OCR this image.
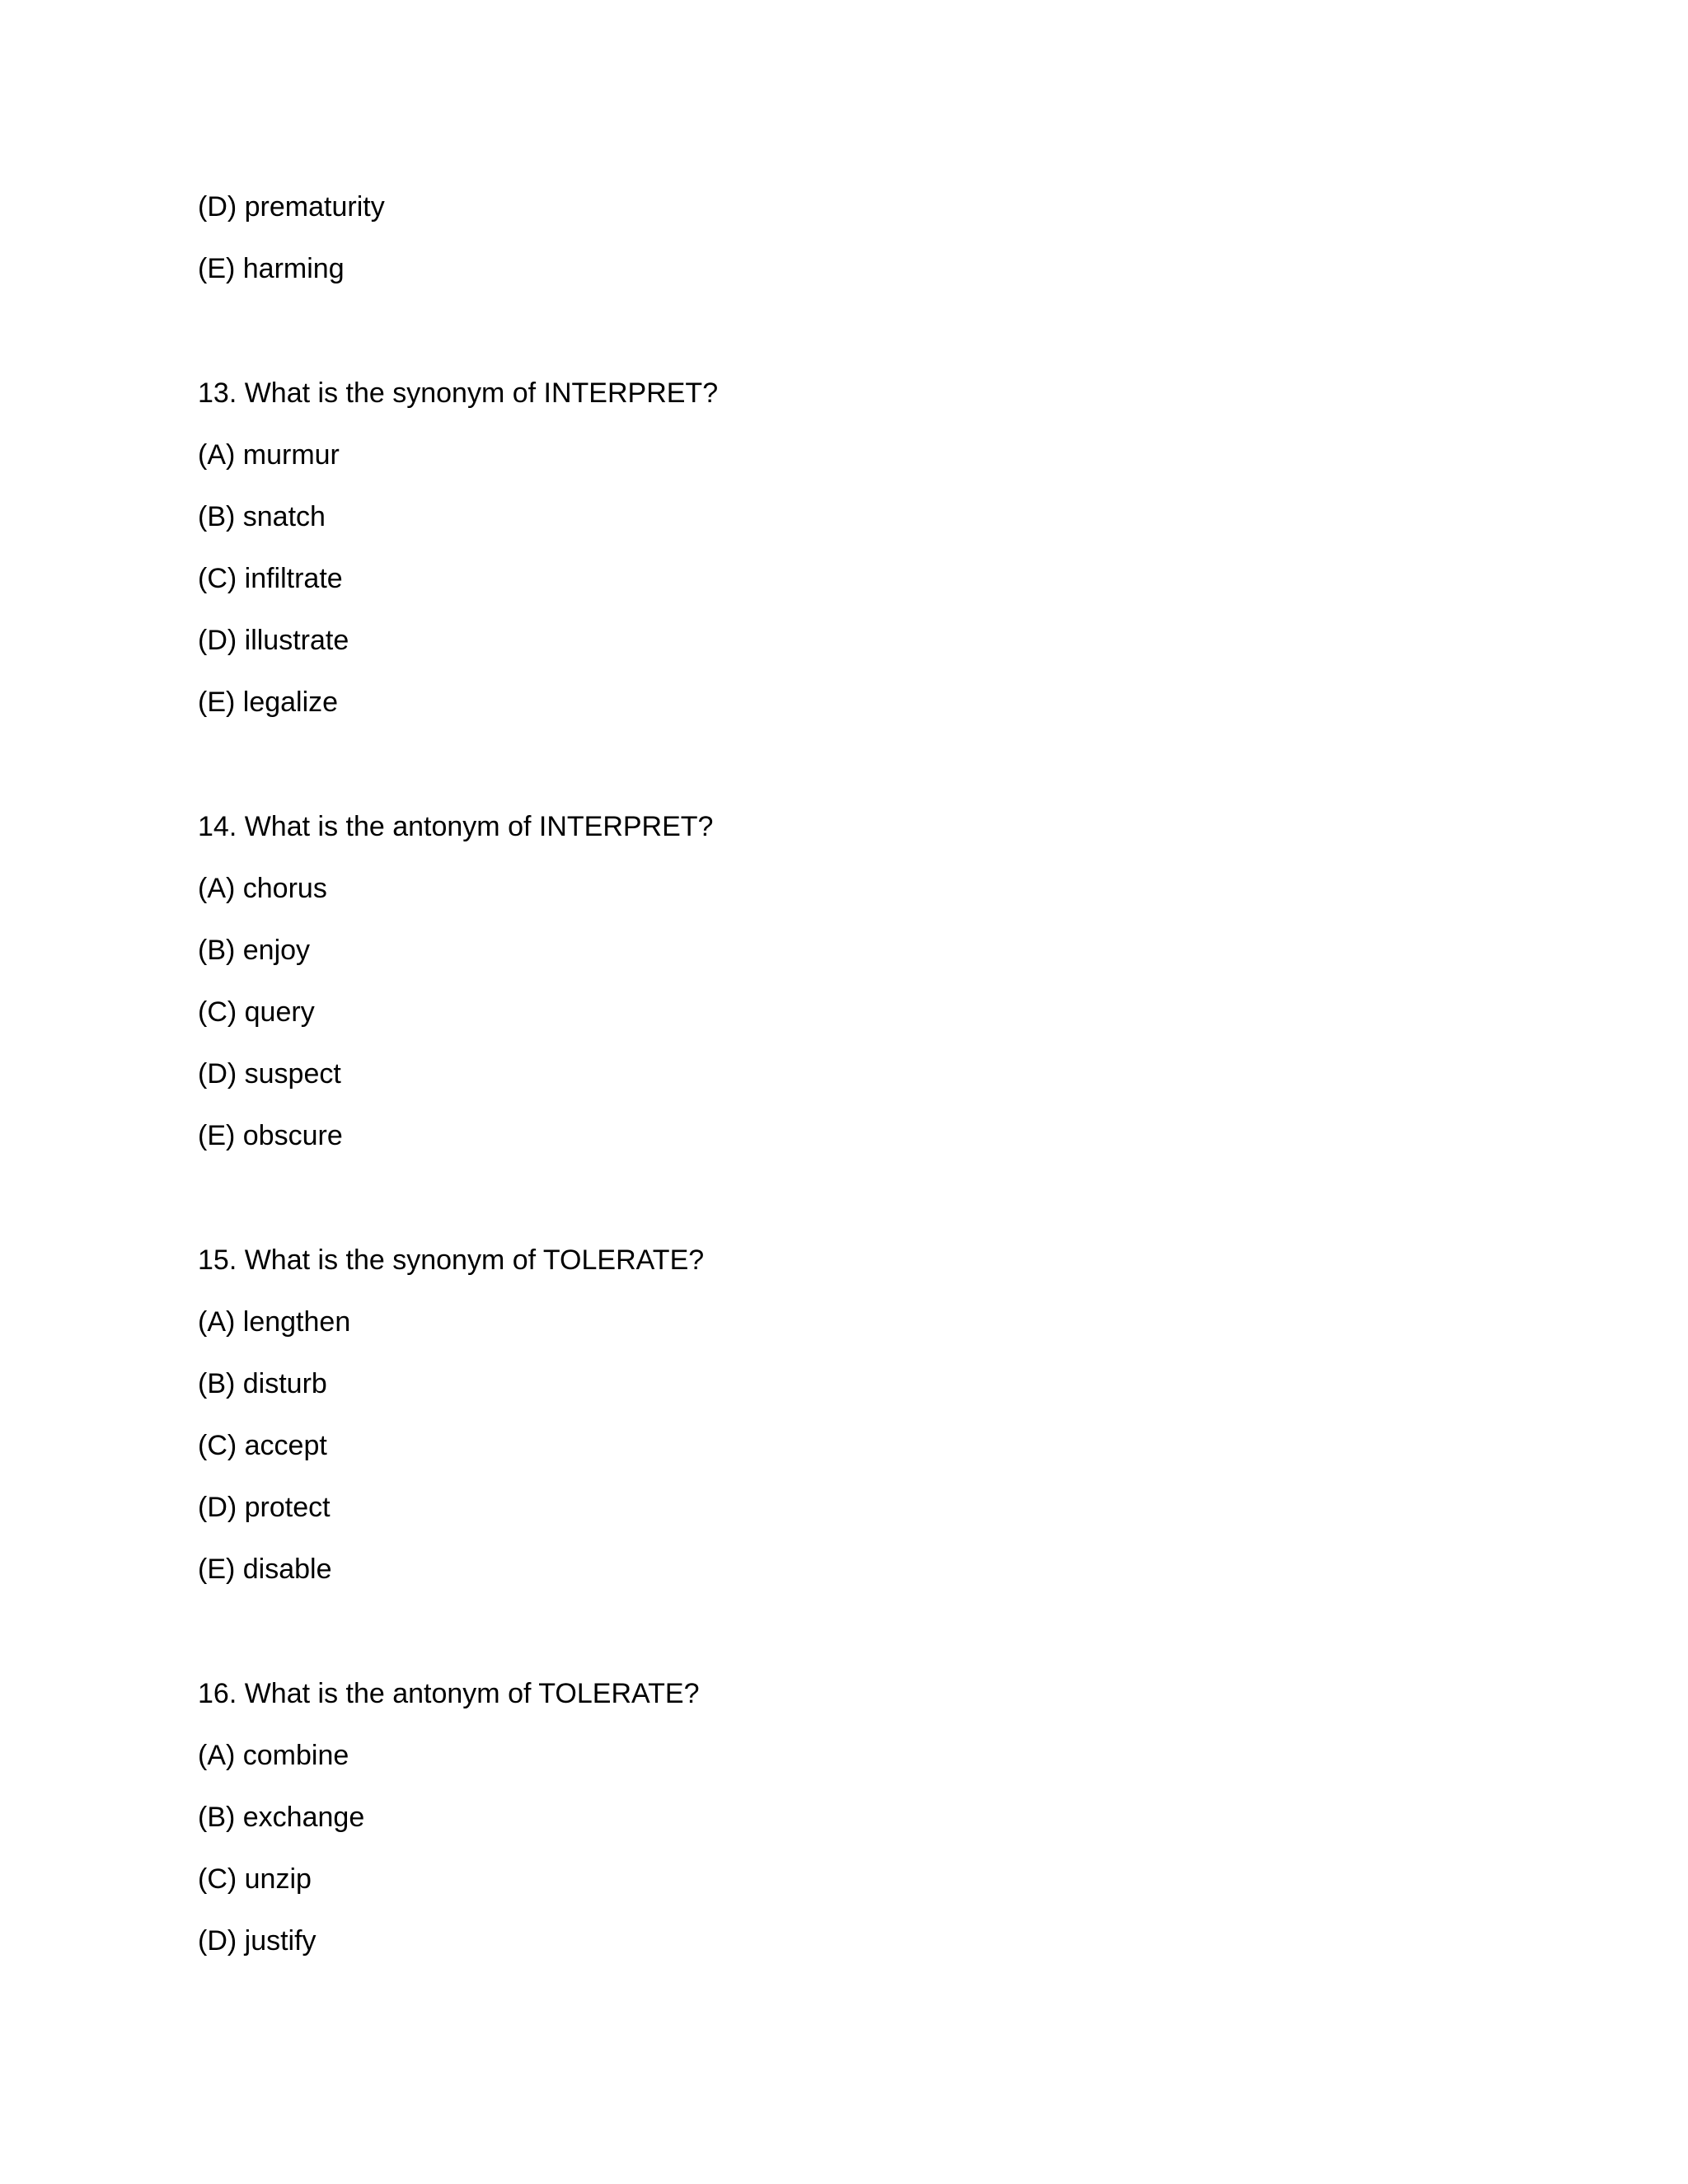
(D) prematurity
(E) harming
13. What is the synonym of INTERPRET?
(A) murmur
(B) snatch
(C) infiltrate
(D) illustrate
(E) legalize
14. What is the antonym of INTERPRET?
(A) chorus
(B) enjoy
(C) query
(D) suspect
(E) obscure
15. What is the synonym of TOLERATE?
(A) lengthen
(B) disturb
(C) accept
(D) protect
(E) disable
16. What is the antonym of TOLERATE?
(A) combine
(B) exchange
(C) unzip
(D) justify
